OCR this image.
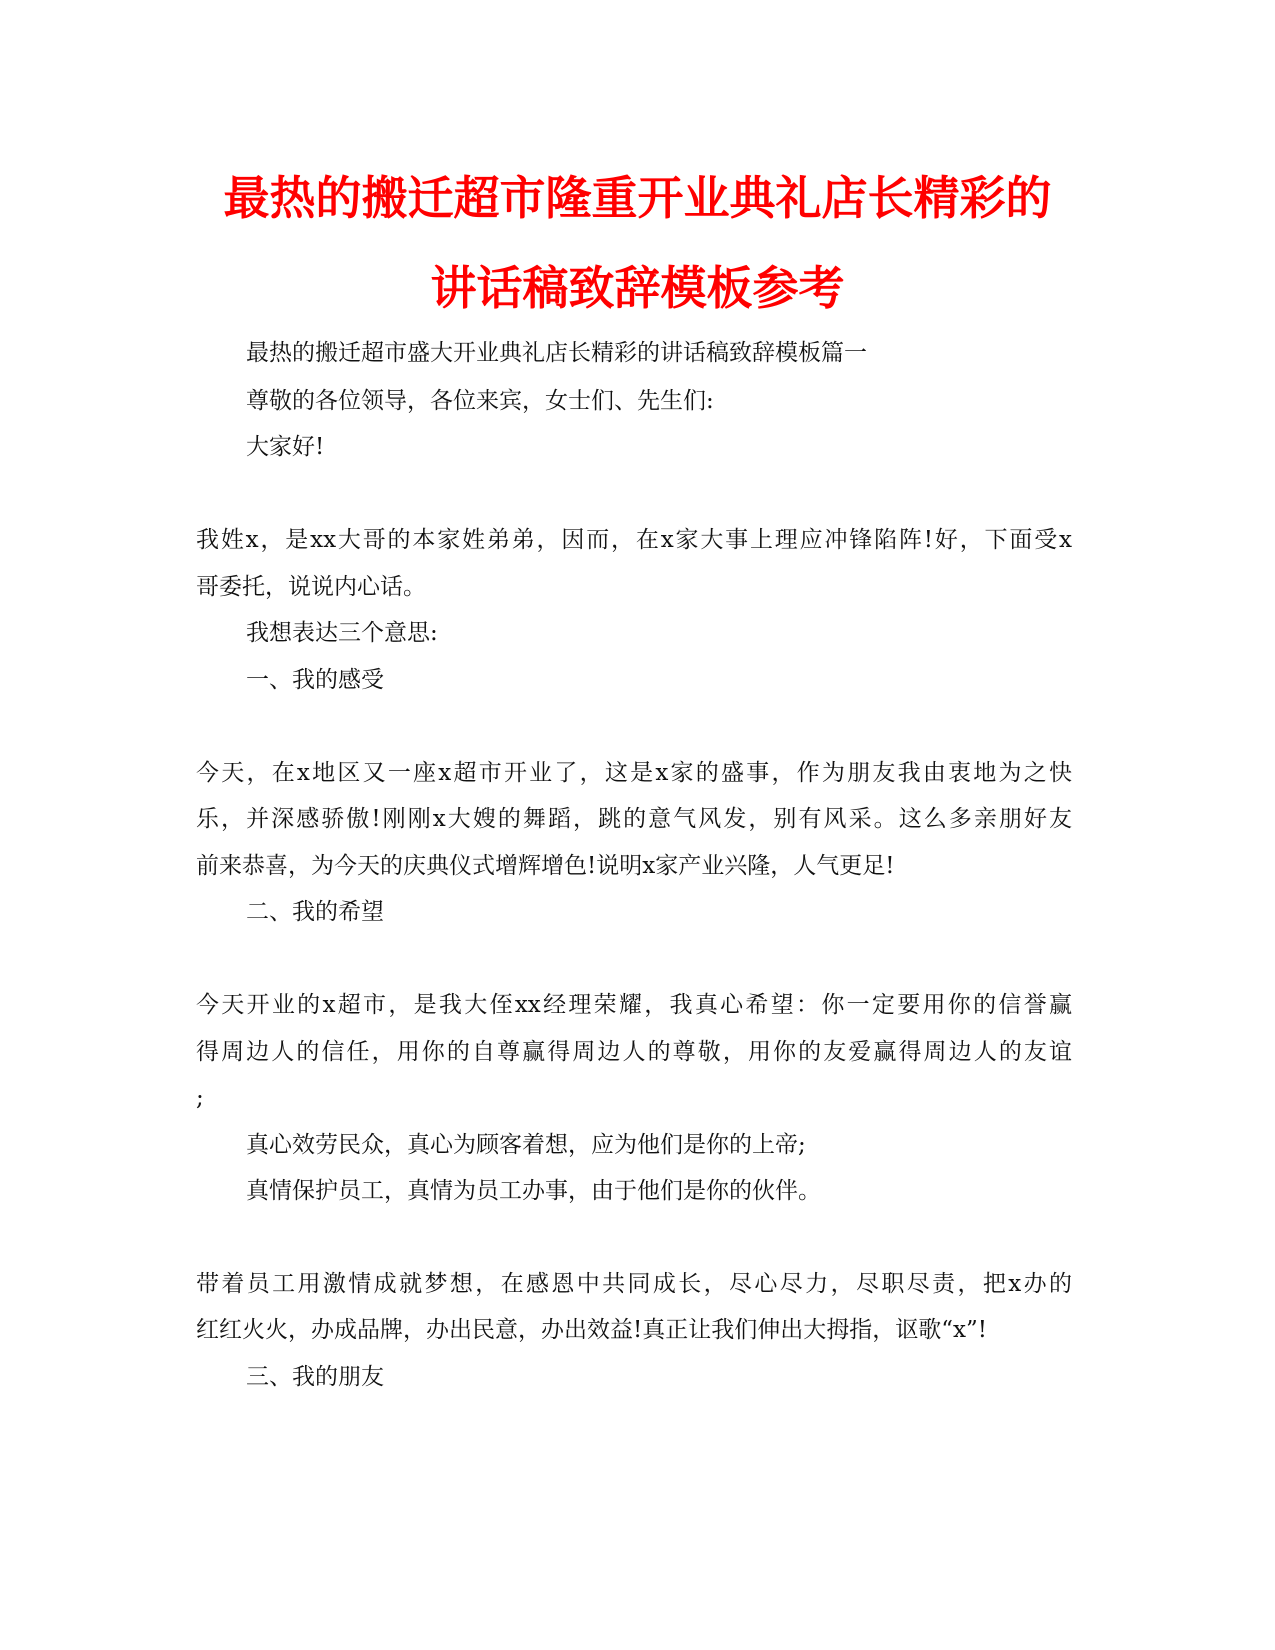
最热的搬迁超市隆重开业典礼店长精彩的
讲话稿致辞模板参考
最热的搬迁超市盛大开业典礼店长精彩的讲话稿致辞模板篇一
尊敬的各位领导，各位来宾，女士们、先生们:
大家好!
我姓x，是xx大哥的本家姓弟弟，因而，在x家大事上理应冲锋陷阵!好，下面受x
哥委托，说说内心话。
我想表达三个意思:
一、我的感受
今天，在x地区又一座x超市开业了，这是x家的盛事，作为朋友我由衷地为之快
乐，并深感骄傲!刚刚x大嫂的舞蹈，跳的意气风发，别有风采。这么多亲朋好友
前来恭喜，为今天的庆典仪式增辉增色!说明x家产业兴隆，人气更足!
二、我的希望
今天开业的x超市，是我大侄xx经理荣耀，我真心希望：你一定要用你的信誉赢
得周边人的信任，用你的自尊赢得周边人的尊敬，用你的友爱赢得周边人的友谊
;
真心效劳民众，真心为顾客着想，应为他们是你的上帝;
真情保护员工，真情为员工办事，由于他们是你的伙伴。
带着员工用激情成就梦想，在感恩中共同成长，尽心尽力，尽职尽责，把x办的
红红火火，办成品牌，办出民意，办出效益!真正让我们伸出大拇指，讴歌“x”!
三、我的朋友
